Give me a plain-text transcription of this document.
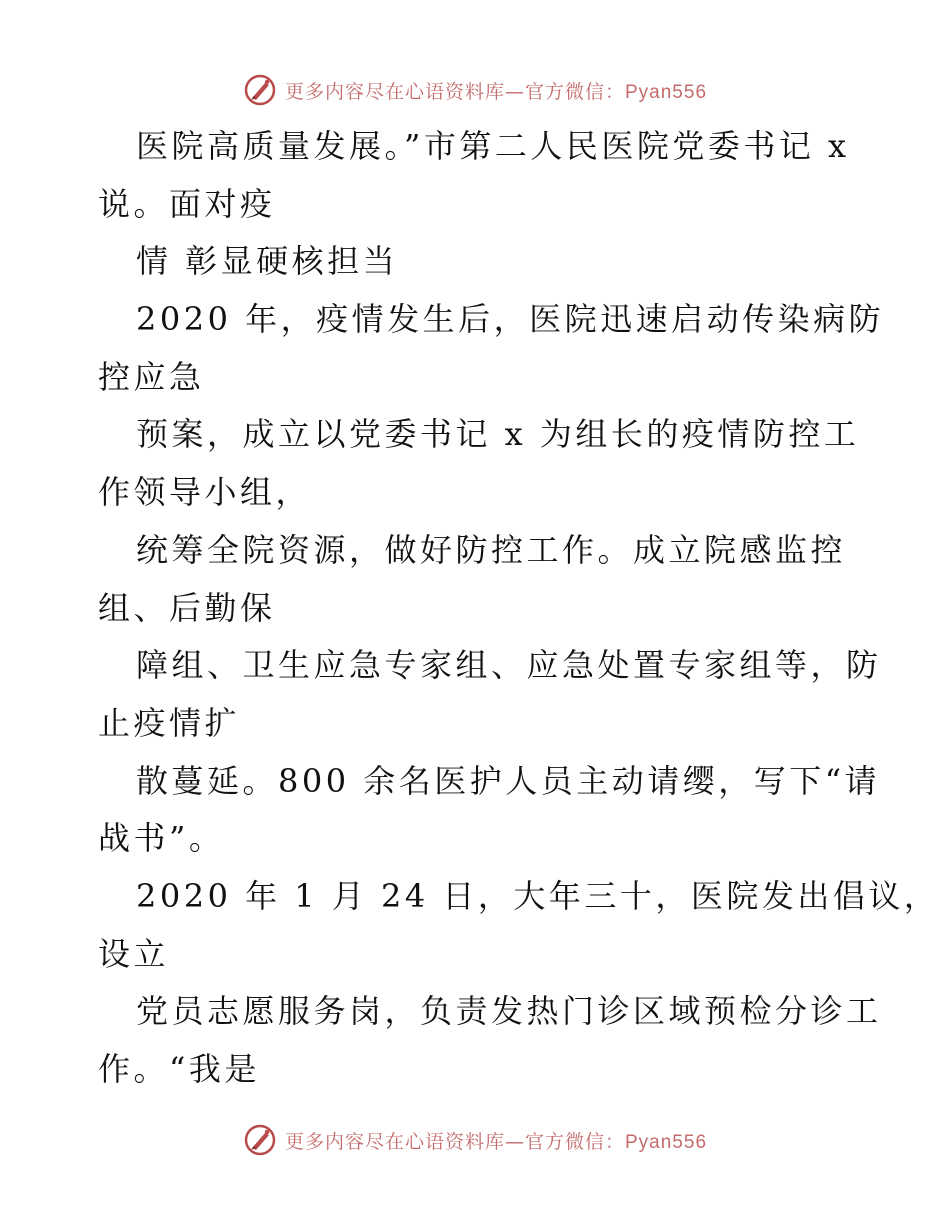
更多内容尽在心语资料库—官方微信：Pyan556
医院高质量发展。”市第二人民医院党委书记 x
说。面对疫
情 彰显硬核担当
2020 年，疫情发生后，医院迅速启动传染病防
控应急
预案，成立以党委书记 x 为组长的疫情防控工
作领导小组，
统筹全院资源，做好防控工作。成立院感监控
组、后勤保
障组、卫生应急专家组、应急处置专家组等，防
止疫情扩
散蔓延。800 余名医护人员主动请缨，写下“请
战书”。
2020 年 1 月 24 日，大年三十，医院发出倡议，
设立
党员志愿服务岗，负责发热门诊区域预检分诊工
作。“我是
更多内容尽在心语资料库—官方微信：Pyan556
